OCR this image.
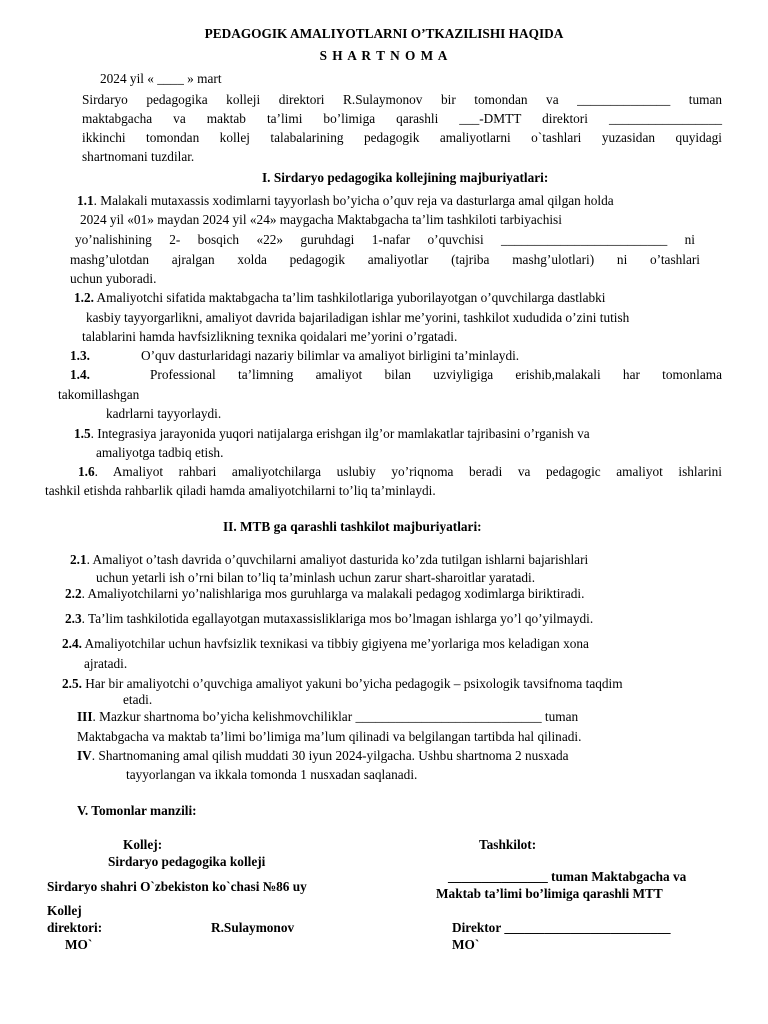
PEDAGOGIK AMALIYOTLARNI O’TKAZILISHI HAQIDA
S H A R T N O M A
2024 yil « ____ » mart
Sirdaryo pedagogika kolleji direktori R.Sulaymonov bir tomondan va ______________ tuman
maktabgacha va maktab ta’limi bo’limiga qarashli ___-DMTT direktori _________________
ikkinchi tomondan kollej talabalarining pedagogik amaliyotlarni o`tashlari yuzasidan quyidagi
shartnomani tuzdilar.
I. Sirdaryo pedagogika kollejining majburiyatlari:
1.1. Malakali mutaxassis xodimlarni tayyorlash bo’yicha o’quv reja va dasturlarga amal qilgan holda
2024 yil «01» maydan 2024 yil «24» maygacha Maktabgacha ta’lim tashkiloti tarbiyachisi
yo’nalishining 2- bosqich «22» guruhdagi 1-nafar o’quvchisi _________________________ ni
mashg’ulotdan ajralgan xolda pedagogik amaliyotlar (tajriba mashg’ulotlari) ni o’tashlari
uchun yuboradi.
1.2. Amaliyotchi sifatida maktabgacha ta’lim tashkilotlariga yuborilayotgan o’quvchilarga dastlabki
kasbiy tayyorgarlikni, amaliyot davrida bajariladigan ishlar me’yorini, tashkilot xududida o’zini tutish
talablarini hamda havfsizlikning texnika qoidalari me’yorini o’rgatadi.
1.3.	O’quv dasturlaridagi nazariy bilimlar va amaliyot birligini ta’minlaydi.
1.4.	Professional ta’limning amaliyot bilan uzviyligiga erishib,malakali har tomonlama
takomillashgan
kadrlarni tayyorlaydi.
1.5. Integrasiya jarayonida yuqori natijalarga erishgan ilg’or mamlakatlar tajribasini o’rganish va
amaliyotga tadbiq etish.
1.6. Amaliyot rahbari amaliyotchilarga uslubiy yo’riqnoma beradi va pedagogic amaliyot ishlarini
tashkil etishda rahbarlik qiladi hamda amaliyotchilarni to’liq ta’minlaydi.
II. MTB ga qarashli tashkilot majburiyatlari:
2.1. Amaliyot o’tash davrida o’quvchilarni amaliyot dasturida ko’zda tutilgan ishlarni bajarishlari
uchun yetarli ish o’rni bilan to’liq ta’minlash uchun zarur shart-sharoitlar yaratadi.
2.2. Amaliyotchilarni yo’nalishlariga mos guruhlarga va malakali pedagog xodimlarga biriktiradi.
2.3. Ta’lim tashkilotida egallayotgan mutaxassisliklariga mos bo’lmagan ishlarga yo’l qo’yilmaydi.
2.4. Amaliyotchilar uchun havfsizlik texnikasi va tibbiy gigiyena me’yorlariga mos keladigan xona
ajratadi.
2.5. Har bir amaliyotchi o’quvchiga amaliyot yakuni bo’yicha pedagogik – psixologik tavsifnoma taqdim
etadi.
III. Mazkur shartnoma bo’yicha kelishmovchiliklar ____________________________ tuman
Maktabgacha va maktab ta’limi bo’limiga ma’lum qilinadi va belgilangan tartibda hal qilinadi.
IV. Shartnomaning amal qilish muddati 30 iyun 2024-yilgacha. Ushbu shartnoma 2 nusxada
tayyorlangan va ikkala tomonda 1 nusxadan saqlanadi.
V. Tomonlar manzili:
Kollej:
Sirdaryo pedagogika kolleji
Sirdaryo shahri O`zbekiston ko`chasi №86 uy
Kollej
direktori:	R.Sulaymonov
MO`
Tashkilot:
_______________ tuman Maktabgacha va
Maktab ta’limi bo’limiga qarashli MTT
Direktor _________________________
MO`
